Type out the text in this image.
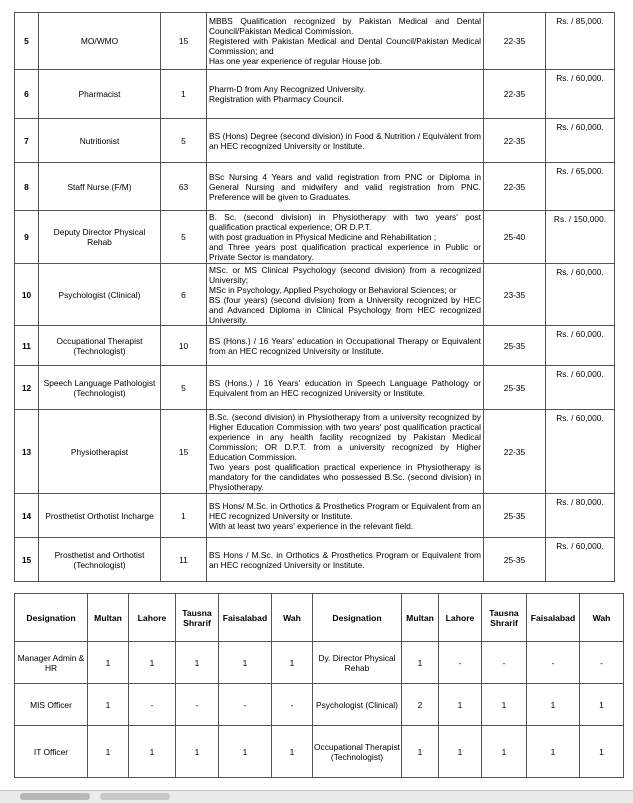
5	MO/WMO	15	MBBS Qualification recognized by Pakistan Medical and Dental Council/Pakistan Medical Commission.
Registered with Pakistan Medical and Dental Council/Pakistan Medical Commission; and
Has one year experience of regular House job.	22-35	Rs. / 85,000.
6	Pharmacist	1	Pharm-D from Any Recognized University.
Registration with Pharmacy Council.	22-35	Rs. / 60,000.
7	Nutritionist	5	BS (Hons) Degree (second division) in Food & Nutrition / Equivalent from an HEC recognized University or Institute.	22-35	Rs. / 60,000.
8	Staff Nurse (F/M)	63	BSc Nursing 4 Years and valid registration from PNC or Diploma in General Nursing and midwifery and valid registration from PNC. Preference will be given to Graduates.	22-35	Rs. / 65,000.
9	Deputy Director Physical Rehab	5	B. Sc. (second division) in Physiotherapy with two years' post qualification practical experience; OR D.P.T.
with post graduation in Physical Medicine and Rehabilitation ;
and Three years post qualification practical experience in Public or Private Sector is mandatory.	25-40	Rs. / 150,000.
10	Psychologist (Clinical)	6	MSc. or MS Clinical Psychology (second division) from a recognized University;
MSc in Psychology, Applied Psychology or Behavioral Sciences; or
BS (four years) (second division) from a University recognized by HEC and Advanced Diploma in Clinical Psychology from HEC recognized University.	23-35	Rs. / 60,000.
11	Occupational Therapist (Technologist)	10	BS (Hons.) / 16 Years' education in Occupational Therapy or Equivalent from an HEC recognized University or Institute.	25-35	Rs. / 60,000.
12	Speech Language Pathologist (Technologist)	5	BS (Hons.) / 16 Years' education in Speech Language Pathology or Equivalent from an HEC recognized University or Institute.	25-35	Rs. / 60,000.
13	Physiotherapist	15	B.Sc. (second division) in Physiotherapy from a university recognized by Higher Education Commission with two years' post qualification practical experience in any health facility recognized by Pakistan Medical Commission; OR D.P.T. from a university recognized by Higher Education Commission.
Two years post qualification practical experience in Physiotherapy is mandatory for the candidates who possessed B.Sc. (second division) in Physiotherapy.	22-35	Rs. / 60,000.
14	Prosthetist Orthotist Incharge	1	BS Hons/ M.Sc. in Orthotics & Prosthetics Program or Equivalent from an HEC recognized University or Institute.
With at least two years' experience in the relevant field.	25-35	Rs. / 80,000.
15	Prosthetist and Orthotist (Technologist)	11	BS Hons / M.Sc. in Orthotics & Prosthetics Program or Equivalent from an HEC recognized University or Institute.	25-35	Rs. / 60,000.
Designation	Multan	Lahore	Tausna Shrarif	Faisalabad	Wah	Designation	Multan	Lahore	Tausna Shrarif	Faisalabad	Wah
Manager Admin & HR	1	1	1	1	1	Dy. Director Physical Rehab	1	-	-	-	-
MIS Officer	1	-	-	-	-	Psychologist (Clinical)	2	1	1	1	1
IT Officer	1	1	1	1	1	Occupational Therapist (Technologist)	1	1	1	1	1
